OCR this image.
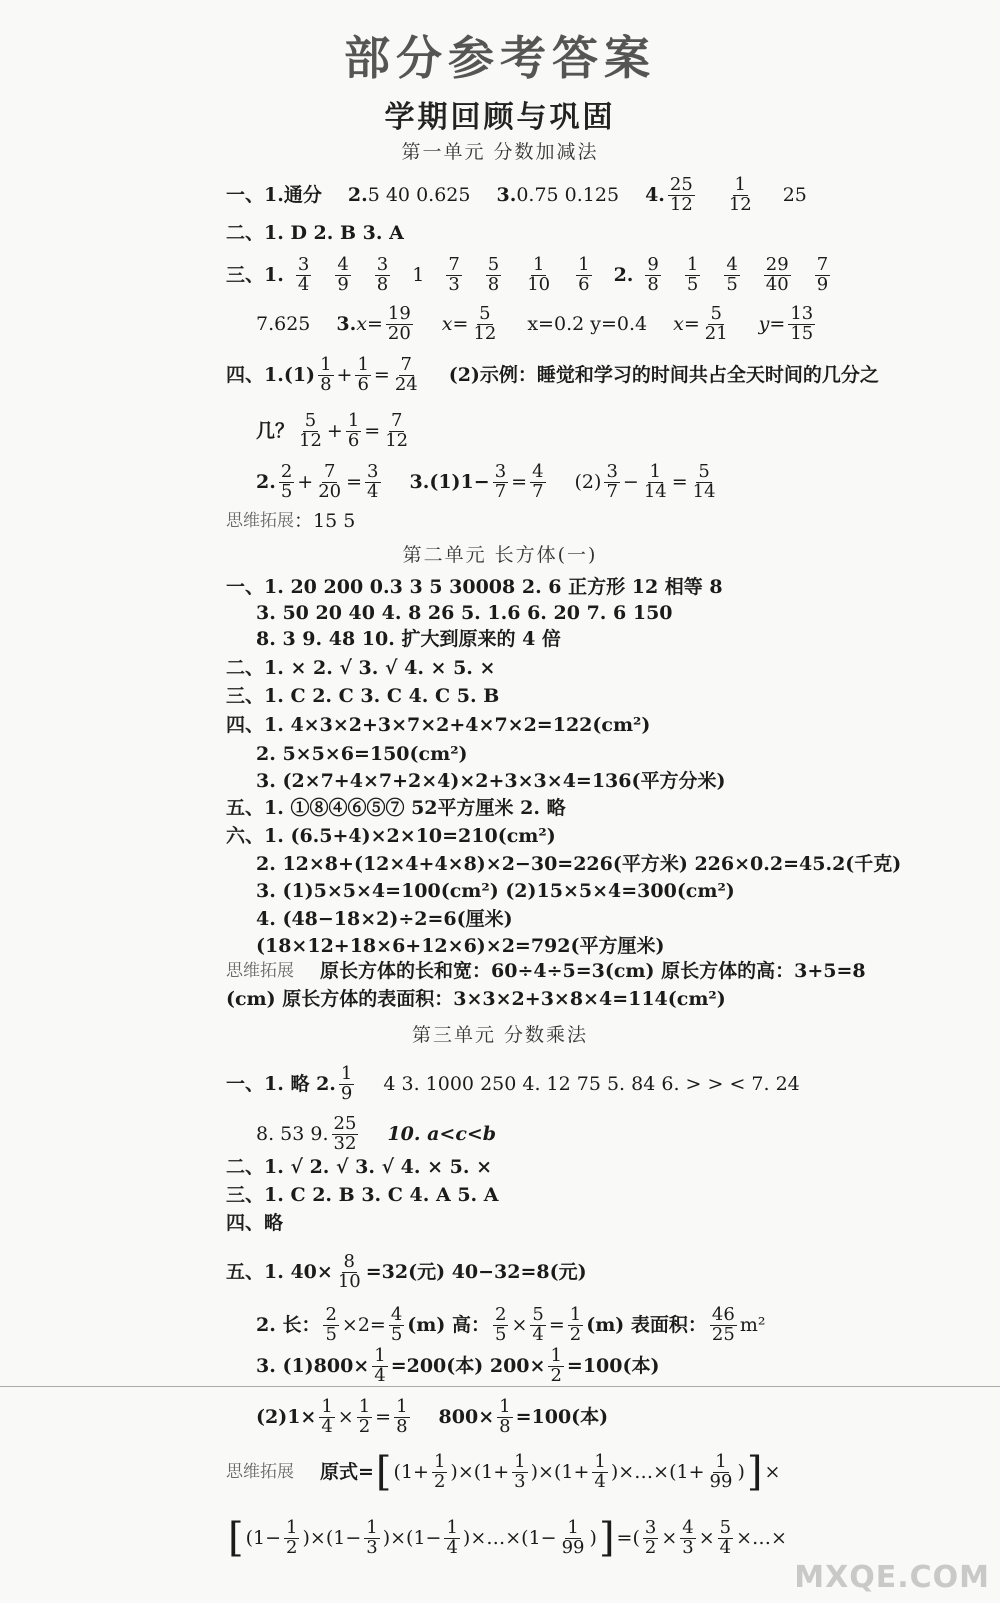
部分参考答案
学期回顾与巩固
第一单元 分数加减法
一、 1. 通分 2. 5 40 0.625 3. 0.75 0.125 4. $\frac{25}{12} \frac{1}{12} 25$
二、 1. D 2. B 3. A
三、 1. $\frac{3}{4} \frac{4}{9} \frac{3}{8} 1 \frac{7}{3} \frac{5}{8} \frac{1}{10} \frac{1}{6} 2$. $\frac{9}{8} \frac{1}{5} \frac{4}{5} \frac{29}{40} \frac{7}{9}$
7.625 3. $x= \frac{19}{20} x= \frac{5}{12} x=0.2$ y=0.4 $x= \frac{5}{21} y= \frac{13}{15}$
四、 $1.(1) \frac{1}{8} + \frac{1}{6} = \frac{7}{24} (2)$示例：睡觉和学习的时间共占全天时间的几分之
几？ $\frac{5}{12} + \frac{1}{6} = \frac{7}{12}$
2. $\frac{2}{5} + \frac{7}{20} = \frac{3}{4} 3.(1)1- \frac{3}{7} = \frac{4}{7} (2) \frac{3}{7} - \frac{1}{14} = \frac{5}{14}$
思维拓展 ：15 5
第二单元 长方体(一)
一、 1. 20 200 0.3 3 5 30008 2. 6 正方形 12 相等 8
3. 50 20 40 4. 8 26 5. 1.6 6. 20 7. 6 150
8. 3 9. 48 10. 扩大到原来的 4 倍
二、 1. × 2. √ 3. √ 4. × 5. ×
三、 1. C 2. C 3. C 4. C 5. B
四、 1. 4×3×2+3×7×2+4×7×2=122(cm²)
2. 5×5×6=150(cm²)
3. (2×7+4×7+2×4)×2+3×3×4=136(平方分米)
五、 1. ①⑧④⑥⑤⑦ 52平方厘米 2. 略
六、 1. (6.5+4)×2×10=210(cm²)
2. 12×8+(12×4+4×8)×2−30=226(平方米) 226×0.2=45.2(千克)
3. (1)5×5×4=100(cm²) (2)15×5×4=300(cm²)
4. (48−18×2)÷2=6(厘米)
(18×12+18×6+12×6)×2=792(平方厘米)
思维拓展 原长方体的长和宽：60÷4÷5=3(cm) 原长方体的高：3+5=8
(cm) 原长方体的表面积：3×3×2+3×8×4=114(cm²)
第三单元 分数乘法
一、 1. 略 2. $\frac{1}{9} 4$ 3. 1000 250 4. 12 75 5. 84 6. > > < 7. 24
8. 53 9. $\frac{25}{32} 10$. a<c<b
二、 1. √ 2. √ 3. √ 4. × 5. ×
三、 1. C 2. B 3. C 4. A 5. A
四、 略
五、 1. $40\times \frac{8}{10} =32$(元) 40−32=8(元)
2. 长： $\frac{2}{5} \times 2= \frac{4}{5} (m)$ 高： $\frac{2}{5} \times \frac{5}{4} = \frac{1}{2} (m)$ 表面积： $\frac{46}{25} m^2$
3. $(1)800\times \frac{1}{4} =200$(本) $200\times \frac{1}{2} =100$(本)
$(2)1\times \frac{1}{4} \times \frac{1}{2} = \frac{1}{8} 800\times \frac{1}{8} =100$(本)
思维拓展 原式= [ $(1+ \frac{1}{2} )\times(1+ \frac{1}{3} )\times(1+ \frac{1}{4}$ )×…×(1+ $\frac{1}{99}$ ) ] ×
[ $(1- \frac{1}{2} )\times(1- \frac{1}{3} )\times(1- \frac{1}{4}$ )×…×(1− $\frac{1}{99}$ ) ] =( $\frac{3}{2} \times \frac{4}{3} \times \frac{5}{4}$ ×…×
MXQE.COM
